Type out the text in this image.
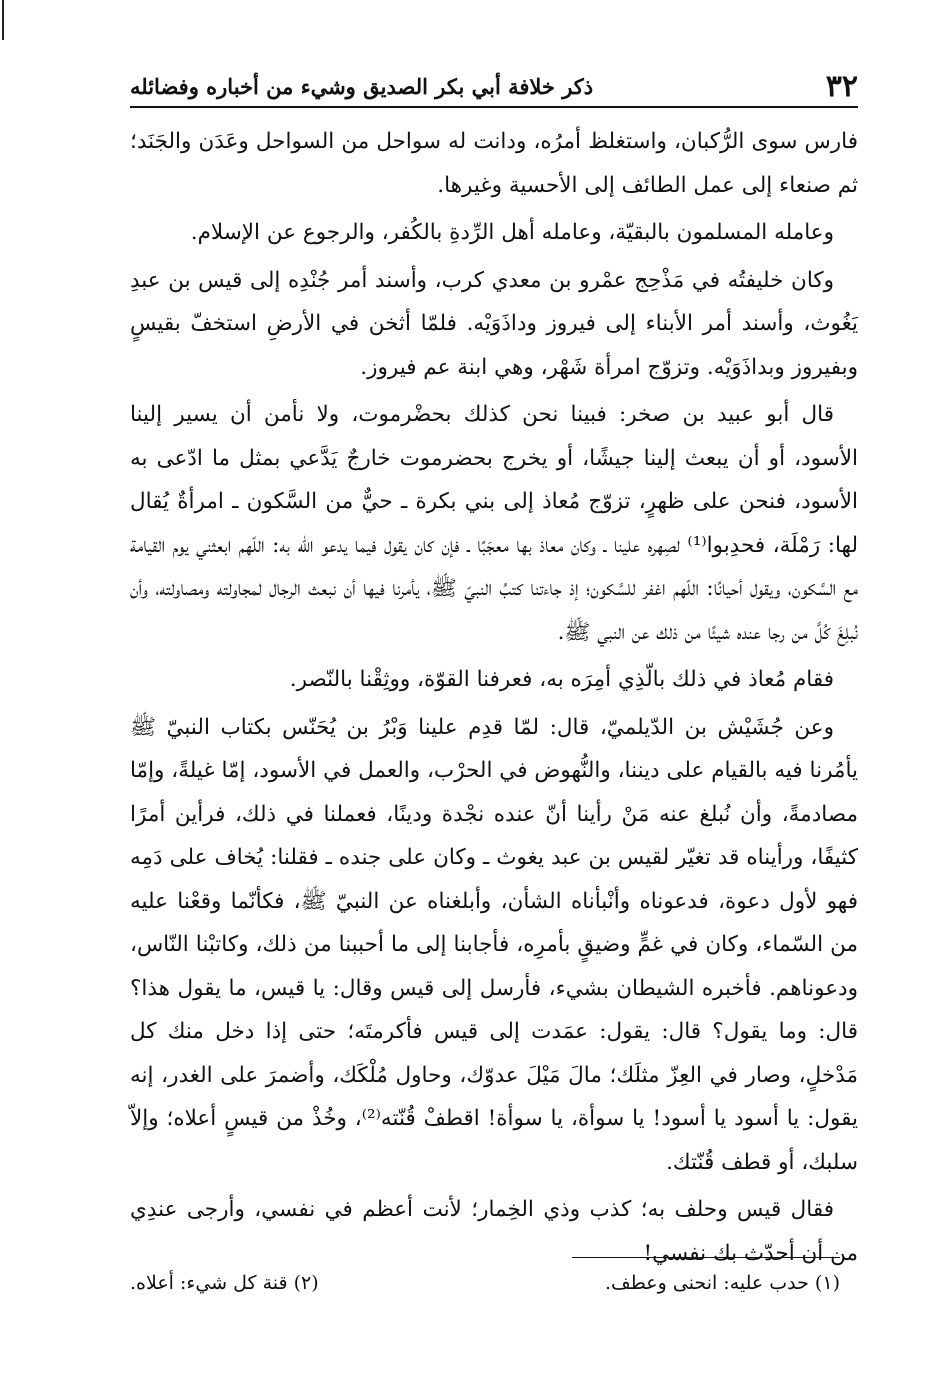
٣٢
ذكر خلافة أبي بكر الصديق وشيء من أخباره وفضائله

فارس سوى الرُّكبان، واستغلظ أمرُه، ودانت له سواحل من السواحل وعَدَن والجَنَد؛ ثم صنعاء إلى عمل الطائف إلى الأحسية وغيرها.

وعامله المسلمون بالبقيّة، وعامله أهل الرِّدةِ بالكُفر، والرجوع عن الإسلام.

وكان خليفتُه في مَذْحِج عمْرو بن معدي كرب، وأسند أمر جُنْدِه إلى قيس بن عبدِ يَغُوث، وأسند أمر الأبناء إلى فيروز وداذَوَيْه. فلمّا أثخن في الأرضِ استخفّ بقيسٍ وبفيروز وبداذَوَيْه. وتزوّج امرأة شَهْر، وهي ابنة عم فيروز.

قال أبو عبيد بن صخر: فبينا نحن كذلك بحضْرموت، ولا نأمن أن يسير إلينا الأسود، أو أن يبعث إلينا جيشًا، أو يخرج بحضرموت خارجٌ يَدَّعي بمثل ما ادّعى به الأسود، فنحن على ظهرٍ، تزوّج مُعاذ إلى بني بكرة ـ حيٌّ من السَّكون ـ امرأةٌ يُقال لها: رَمْلَة، فحدِبوا⁽¹⁾ لصِهره علينا ـ وكان معاذ بها معجَبًا ـ فإن كان يقول فيما يدعو الله به: اللّهم ابعثني يوم القيامة مع السَّكون، ويقول أحيانًا: اللّهم اغفر للسَّكون؛ إذ جاءتنا كتبُ النبيّ ﷺ، يأمرنا فيها أن نبعث الرجال لمجاولته ومصاولته، وأن نُبلِغَ كُلَّ من رجا عنده شيئًا من ذلك عن النبي ﷺ.

فقام مُعاذ في ذلك بالّذِي أمِرَه به، فعرفنا القوّة، ووثِقْنا بالنّصر.

وعن جُشَيْش بن الدّيلميّ، قال: لمّا قدِم علينا وَبْرُ بن يُحَنّس بكتاب النبيّ ﷺ يأمُرنا فيه بالقيام على ديننا، والنُّهوض في الحرْب، والعمل في الأسود، إمّا غيلةً، وإمّا مصادمةً، وأن نُبلغ عنه مَنْ رأينا أنّ عنده نجْدة ودينًا، فعملنا في ذلك، فرأين أمرًا كثيفًا، ورأيناه قد تغيّر لقيس بن عبد يغوث ـ وكان على جنده ـ فقلنا: يُخاف على دَمِه فهو لأول دعوة، فدعوناه وأنْبأناه الشأن، وأبلغناه عن النبيّ ﷺ، فكأنّما وقعْنا عليه من السّماء، وكان في غمٍّ وضيقٍ بأمرِه، فأجابنا إلى ما أحببنا من ذلك، وكاتبْنا النّاس، ودعوناهم. فأخبره الشيطان بشيء، فأرسل إلى قيس وقال: يا قيس، ما يقول هذا؟ قال: وما يقول؟ قال: يقول: عمَدت إلى قيس فأكرمتَه؛ حتى إذا دخل منك كل مَدْخلٍ، وصار في العِزّ مثلَك؛ مالَ مَيْلَ عدوّك، وحاول مُلْكَك، وأضمرَ على الغدر، إنه يقول: يا أسود يا أسود! يا سوأة، يا سوأة! اقطفْ قُنّته⁽²⁾، وخُذْ من قيسٍ أعلاه؛ وإلاّ سلبك، أو قطف قُنّتك.

فقال قيس وحلف به؛ كذب وذي الخِمار؛ لأنت أعظم في نفسي، وأرجى عندِي من أن أحدّث بك نفسي!

(١) حدب عليه: انحنى وعطف.
(٢) قنة كل شيء: أعلاه.
